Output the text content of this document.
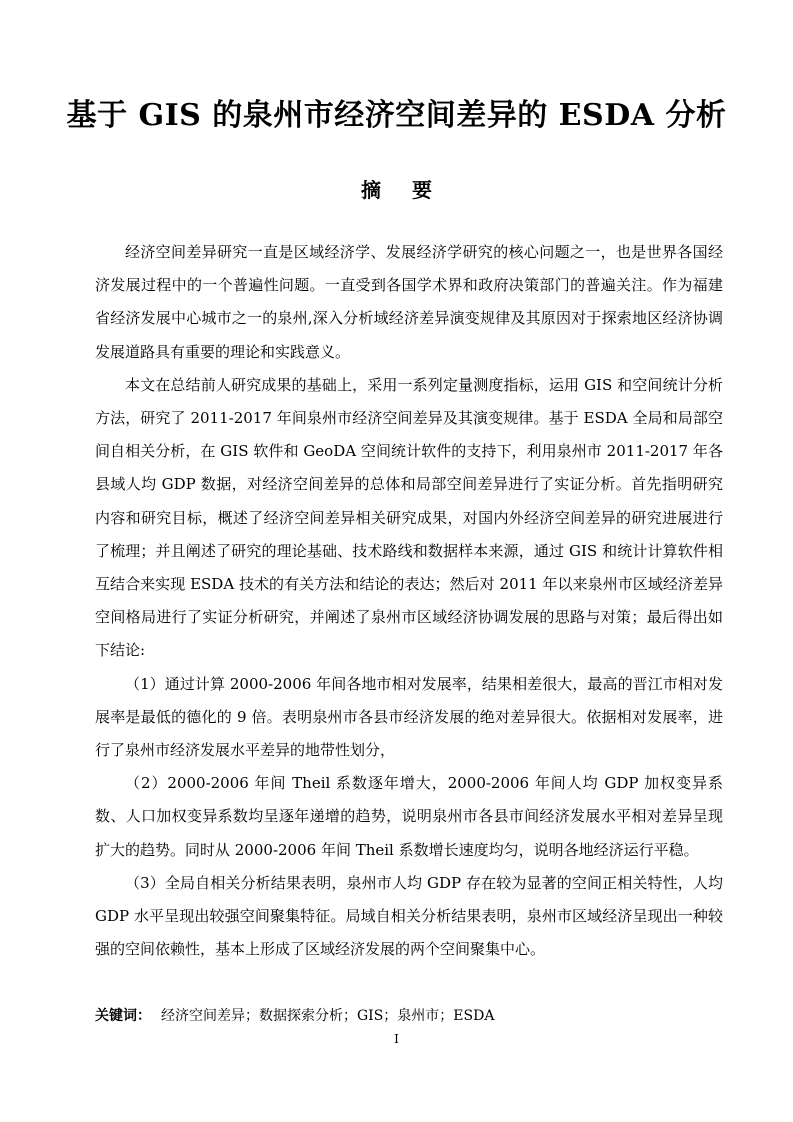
基于 GIS 的泉州市经济空间差异的 ESDA 分析
摘 要

经济空间差异研究一直是区域经济学、发展经济学研究的核心问题之一，也是世界各国经济发展过程中的一个普遍性问题。一直受到各国学术界和政府决策部门的普遍关注。作为福建省经济发展中心城市之一的泉州,深入分析域经济差异演变规律及其原因对于探索地区经济协调发展道路具有重要的理论和实践意义。

本文在总结前人研究成果的基础上，采用一系列定量测度指标，运用 GIS 和空间统计分析方法，研究了 2011-2017 年间泉州市经济空间差异及其演变规律。基于 ESDA 全局和局部空间自相关分析，在 GIS 软件和 GeoDA 空间统计软件的支持下，利用泉州市 2011-2017 年各县域人均 GDP 数据，对经济空间差异的总体和局部空间差异进行了实证分析。首先指明研究内容和研究目标，概述了经济空间差异相关研究成果，对国内外经济空间差异的研究进展进行了梳理；并且阐述了研究的理论基础、技术路线和数据样本来源，通过 GIS 和统计计算软件相互结合来实现 ESDA 技术的有关方法和结论的表达；然后对 2011 年以来泉州市区域经济差异空间格局进行了实证分析研究，并阐述了泉州市区域经济协调发展的思路与对策；最后得出如下结论:

（1）通过计算 2000-2006 年间各地市相对发展率，结果相差很大，最高的晋江市相对发展率是最低的德化的 9 倍。表明泉州市各县市经济发展的绝对差异很大。依据相对发展率，进行了泉州市经济发展水平差异的地带性划分，

（2）2000-2006 年间 Theil 系数逐年增大，2000-2006 年间人均 GDP 加权变异系数、人口加权变异系数均呈逐年递增的趋势，说明泉州市各县市间经济发展水平相对差异呈现扩大的趋势。同时从 2000-2006 年间 Theil 系数增长速度均匀，说明各地经济运行平稳。

（3）全局自相关分析结果表明，泉州市人均 GDP 存在较为显著的空间正相关特性，人均 GDP 水平呈现出较强空间聚集特征。局域自相关分析结果表明，泉州市区域经济呈现出一种较强的空间依赖性，基本上形成了区域经济发展的两个空间聚集中心。

关键词： 经济空间差异；数据探索分析；GIS；泉州市；ESDA

I
